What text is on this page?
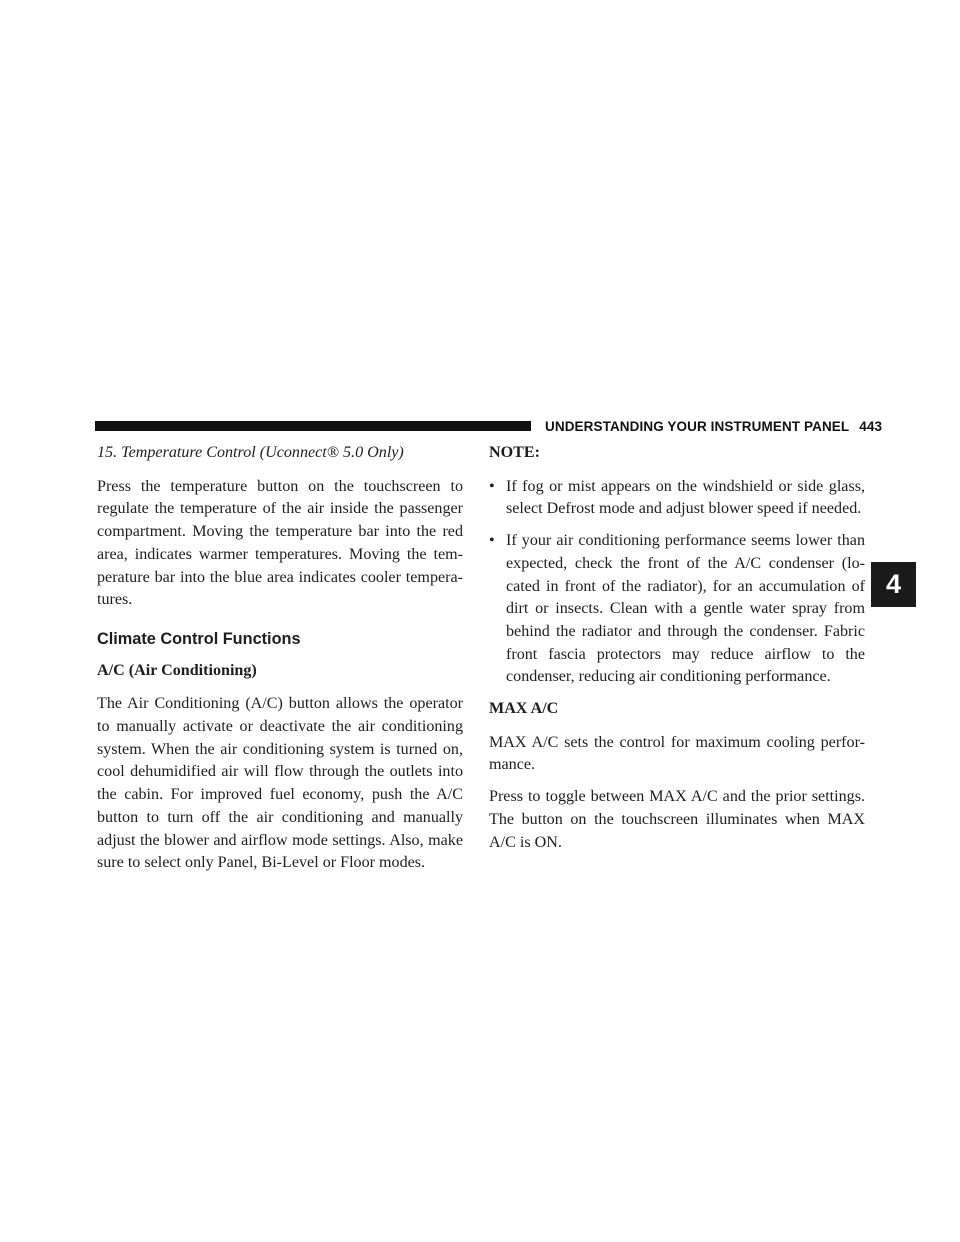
UNDERSTANDING YOUR INSTRUMENT PANEL 443
4

15. Temperature Control (Uconnect® 5.0 Only)

Press the temperature button on the touchscreen to regulate the temperature of the air inside the passenger compartment. Moving the temperature bar into the red area, indicates warmer temperatures. Moving the tem- perature bar into the blue area indicates cooler tempera- tures.

Climate Control Functions

A/C (Air Conditioning)

The Air Conditioning (A/C) button allows the operator to manually activate or deactivate the air conditioning system. When the air conditioning system is turned on, cool dehumidified air will flow through the outlets into the cabin. For improved fuel economy, push the A/C button to turn off the air conditioning and manually adjust the blower and airflow mode settings. Also, make sure to select only Panel, Bi-Level or Floor modes.

NOTE:

• If fog or mist appears on the windshield or side glass, select Defrost mode and adjust blower speed if needed.
• If your air conditioning performance seems lower than expected, check the front of the A/C condenser (lo- cated in front of the radiator), for an accumulation of dirt or insects. Clean with a gentle water spray from behind the radiator and through the condenser. Fabric front fascia protectors may reduce airflow to the condenser, reducing air conditioning performance.

MAX A/C

MAX A/C sets the control for maximum cooling perfor- mance.

Press to toggle between MAX A/C and the prior settings. The button on the touchscreen illuminates when MAX A/C is ON.
